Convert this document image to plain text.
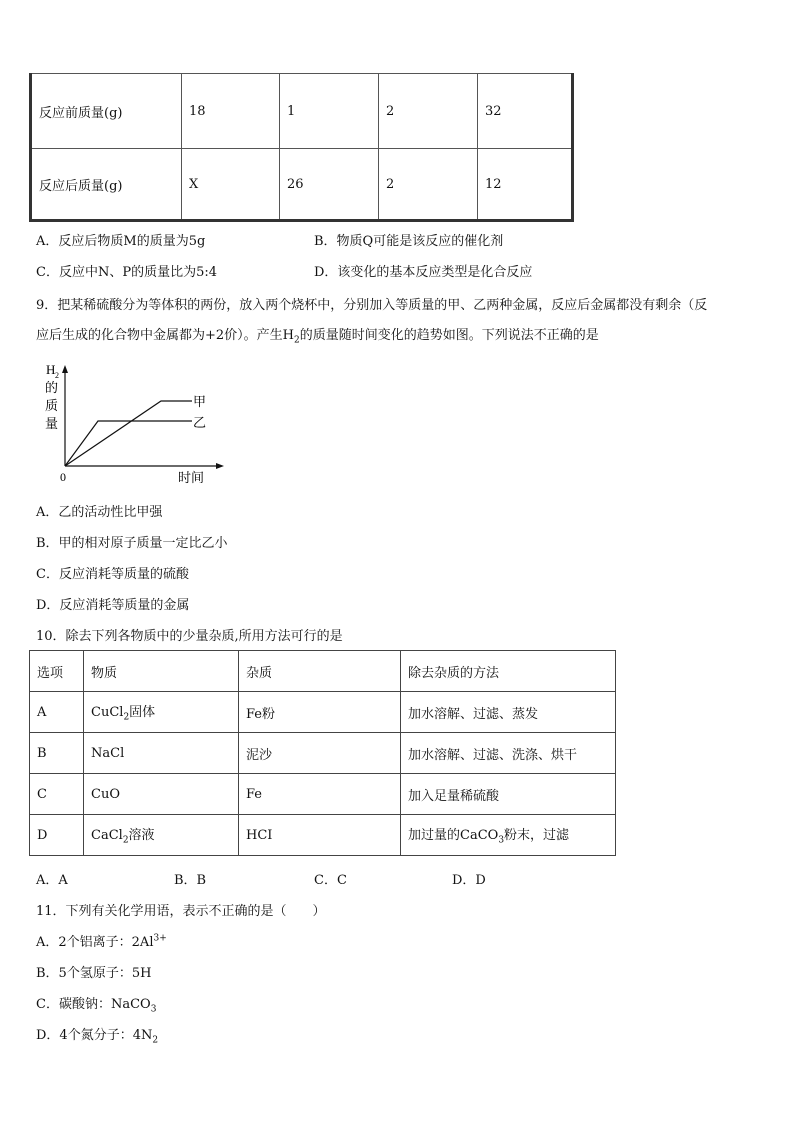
反应前质量(g)	18	1	2	32
反应后质量(g)	X	26	2	12
A．反应后物质M的质量为5g	B．物质Q可能是该反应的催化剂
C．反应中N、P的质量比为5:4	D．该变化的基本反应类型是化合反应
9．把某稀硫酸分为等体积的两份，放入两个烧杯中，分别加入等质量的甲、乙两种金属，反应后金属都没有剩余（反
应后生成的化合物中金属都为+2价）。产生$H_2$的质量随时间变化的趋势如图。下列说法不正确的是
H 2
的
质
量
0	时间
甲
乙
A．乙的活动性比甲强
B．甲的相对原子质量一定比乙小
C．反应消耗等质量的硫酸
D．反应消耗等质量的金属
10．除去下列各物质中的少量杂质,所用方法可行的是
选项	物质	杂质	除去杂质的方法
A	CuCl$_2$固体	Fe粉	加水溶解、过滤、蒸发
B	NaCl	泥沙	加水溶解、过滤、洗涤、烘干
C	CuO	Fe	加入足量稀硫酸
D	CaCl$_2$溶液	HCI	加过量的CaCO$_3$粉末，过滤
A．A	B．B	C．C	D．D
11．下列有关化学用语，表示不正确的是（　　）
A．2个铝离子：$2Al^{3+}$
B．5个氢原子：5H
C．碳酸钠：NaCO$_3$
D．4个氮分子：$4N_2$
